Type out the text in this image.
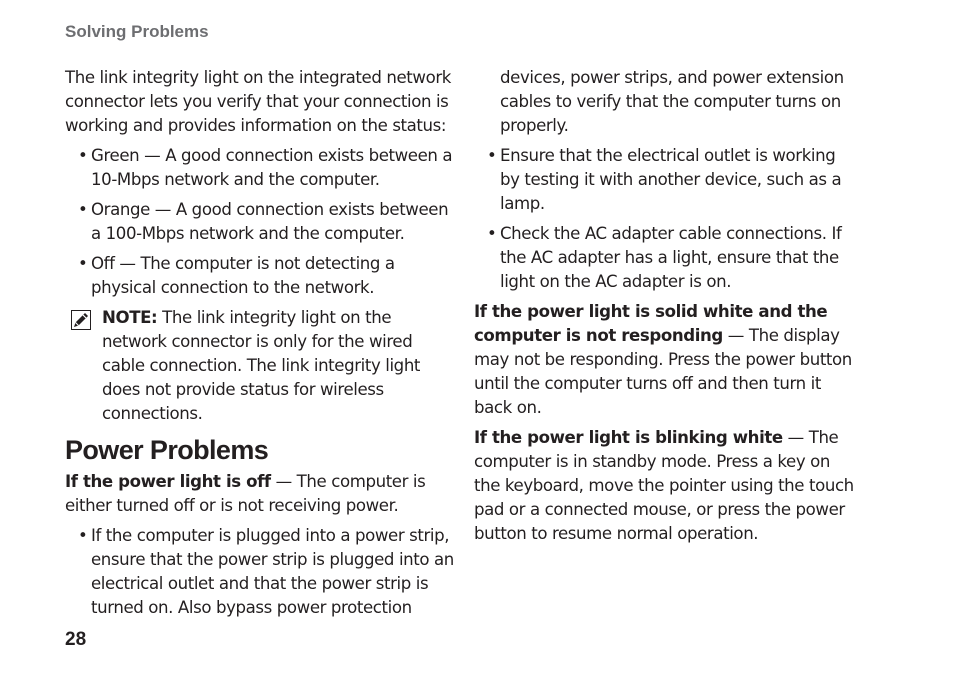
Solving Problems

The link integrity light on the integrated network connector lets you verify that your connection is working and provides information on the status:

• Green — A good connection exists between a 10-Mbps network and the computer.
• Orange — A good connection exists between a 100-Mbps network and the computer.
• Off — The computer is not detecting a physical connection to the network.
NOTE: The link integrity light on the network connector is only for the wired cable connection. The link integrity light does not provide status for wireless connections.
Power Problems

If the power light is off — The computer is either turned off or is not receiving power.

• If the computer is plugged into a power strip, ensure that the power strip is plugged into an electrical outlet and that the power strip is turned on. Also bypass power protection

devices, power strips, and power extension cables to verify that the computer turns on properly.

• Ensure that the electrical outlet is working by testing it with another device, such as a lamp.
• Check the AC adapter cable connections. If the AC adapter has a light, ensure that the light on the AC adapter is on.

If the power light is solid white and the computer is not responding — The display may not be responding. Press the power button until the computer turns off and then turn it back on.

If the power light is blinking white — The computer is in standby mode. Press a key on the keyboard, move the pointer using the touch pad or a connected mouse, or press the power button to resume normal operation.

28
